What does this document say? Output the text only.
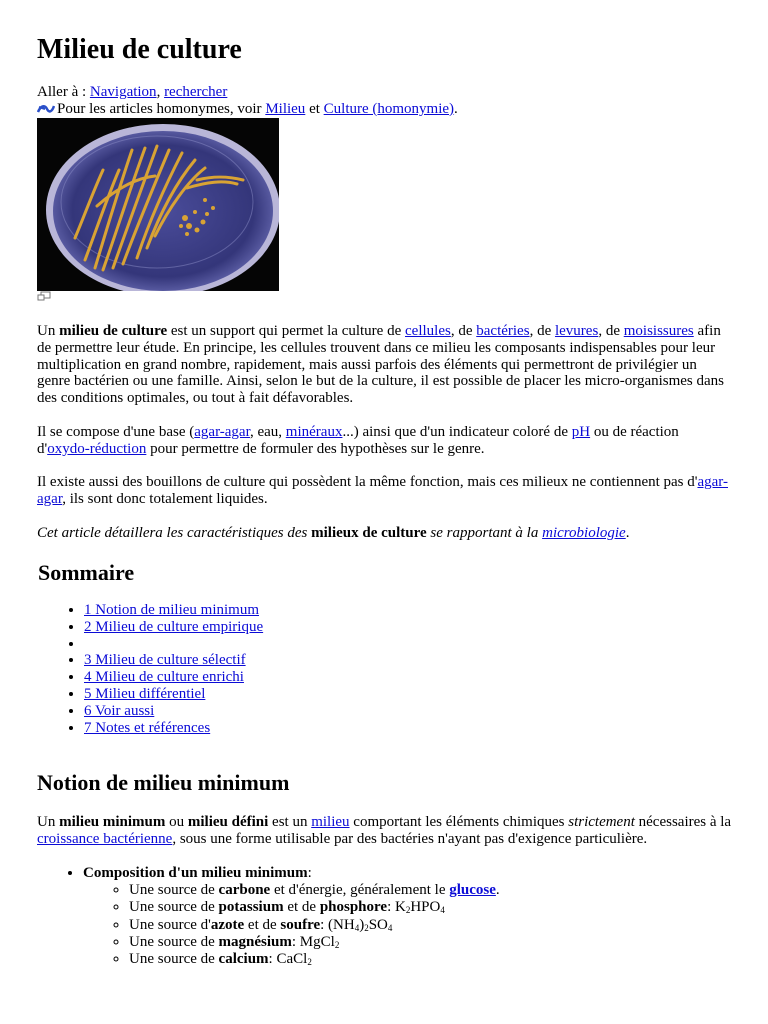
Milieu de culture
Aller à : Navigation, rechercher
Pour les articles homonymes, voir Milieu et Culture (homonymie).

Un milieu de culture est un support qui permet la culture de cellules, de bactéries, de levures, de moisissures afin de permettre leur étude. En principe, les cellules trouvent dans ce milieu les composants indispensables pour leur multiplication en grand nombre, rapidement, mais aussi parfois des éléments qui permettront de privilégier un genre bactérien ou une famille. Ainsi, selon le but de la culture, il est possible de placer les micro-organismes dans des conditions optimales, ou tout à fait défavorables.

Il se compose d'une base (agar-agar, eau, minéraux...) ainsi que d'un indicateur coloré de pH ou de réaction d'oxydo-réduction pour permettre de formuler des hypothèses sur le genre.

Il existe aussi des bouillons de culture qui possèdent la même fonction, mais ces milieux ne contiennent pas d'agar-agar, ils sont donc totalement liquides.

Cet article détaillera les caractéristiques des milieux de culture se rapportant à la microbiologie.

Sommaire
• 1 Notion de milieu minimum
• 2 Milieu de culture empirique
•
• 3 Milieu de culture sélectif
• 4 Milieu de culture enrichi
• 5 Milieu différentiel
• 6 Voir aussi
• 7 Notes et références
Notion de milieu minimum

Un milieu minimum ou milieu défini est un milieu comportant les éléments chimiques strictement nécessaires à la croissance bactérienne, sous une forme utilisable par des bactéries n'ayant pas d'exigence particulière.

• Composition d'un milieu minimum:
◦ Une source de carbone et d'énergie, généralement le glucose.
◦ Une source de potassium et de phosphore: $K_2HPO_4$
◦ Une source d'azote et de soufre: $(NH_4)_2SO_4$
◦ Une source de magnésium: MgCl$_2$
◦ Une source de calcium: CaCl$_2$
